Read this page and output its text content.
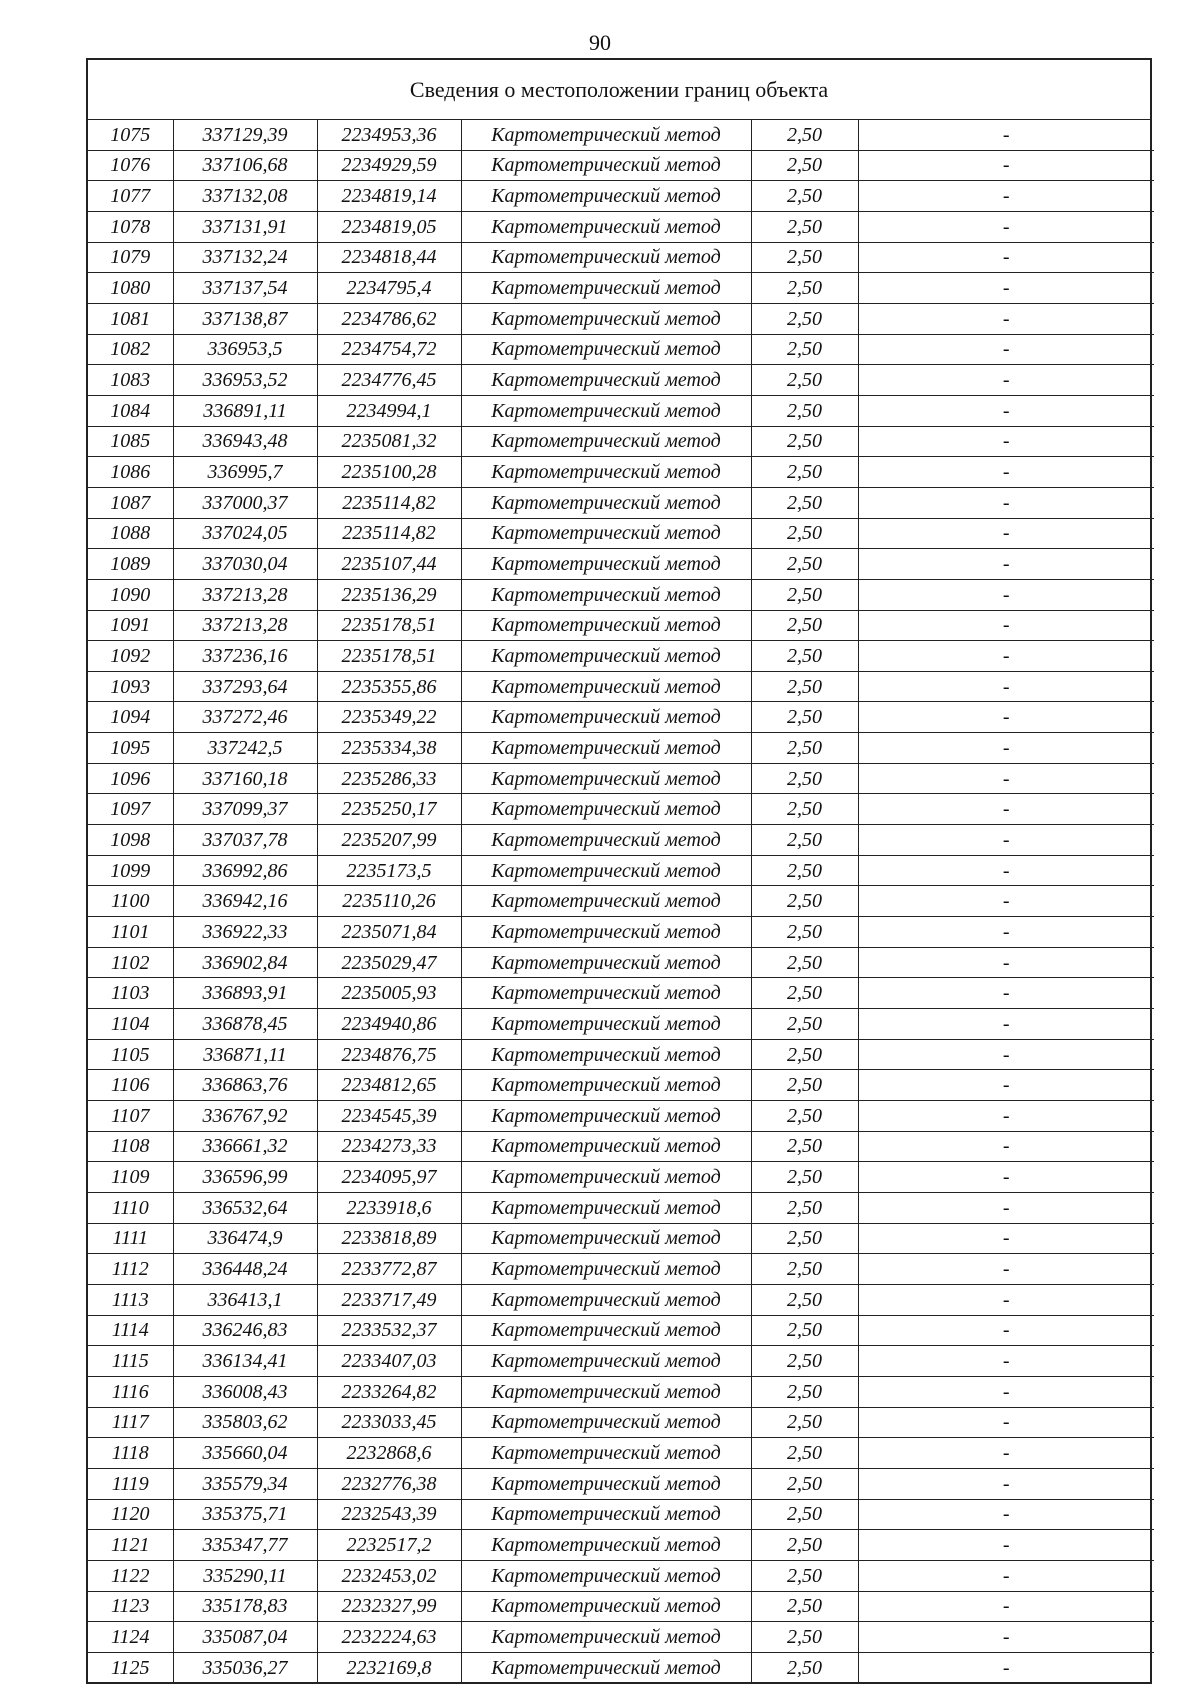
90
Сведения о местоположении границ объекта
1075	337129,39	2234953,36	Картометрический метод	2,50	-
1076	337106,68	2234929,59	Картометрический метод	2,50	-
1077	337132,08	2234819,14	Картометрический метод	2,50	-
1078	337131,91	2234819,05	Картометрический метод	2,50	-
1079	337132,24	2234818,44	Картометрический метод	2,50	-
1080	337137,54	2234795,4	Картометрический метод	2,50	-
1081	337138,87	2234786,62	Картометрический метод	2,50	-
1082	336953,5	2234754,72	Картометрический метод	2,50	-
1083	336953,52	2234776,45	Картометрический метод	2,50	-
1084	336891,11	2234994,1	Картометрический метод	2,50	-
1085	336943,48	2235081,32	Картометрический метод	2,50	-
1086	336995,7	2235100,28	Картометрический метод	2,50	-
1087	337000,37	2235114,82	Картометрический метод	2,50	-
1088	337024,05	2235114,82	Картометрический метод	2,50	-
1089	337030,04	2235107,44	Картометрический метод	2,50	-
1090	337213,28	2235136,29	Картометрический метод	2,50	-
1091	337213,28	2235178,51	Картометрический метод	2,50	-
1092	337236,16	2235178,51	Картометрический метод	2,50	-
1093	337293,64	2235355,86	Картометрический метод	2,50	-
1094	337272,46	2235349,22	Картометрический метод	2,50	-
1095	337242,5	2235334,38	Картометрический метод	2,50	-
1096	337160,18	2235286,33	Картометрический метод	2,50	-
1097	337099,37	2235250,17	Картометрический метод	2,50	-
1098	337037,78	2235207,99	Картометрический метод	2,50	-
1099	336992,86	2235173,5	Картометрический метод	2,50	-
1100	336942,16	2235110,26	Картометрический метод	2,50	-
1101	336922,33	2235071,84	Картометрический метод	2,50	-
1102	336902,84	2235029,47	Картометрический метод	2,50	-
1103	336893,91	2235005,93	Картометрический метод	2,50	-
1104	336878,45	2234940,86	Картометрический метод	2,50	-
1105	336871,11	2234876,75	Картометрический метод	2,50	-
1106	336863,76	2234812,65	Картометрический метод	2,50	-
1107	336767,92	2234545,39	Картометрический метод	2,50	-
1108	336661,32	2234273,33	Картометрический метод	2,50	-
1109	336596,99	2234095,97	Картометрический метод	2,50	-
1110	336532,64	2233918,6	Картометрический метод	2,50	-
1111	336474,9	2233818,89	Картометрический метод	2,50	-
1112	336448,24	2233772,87	Картометрический метод	2,50	-
1113	336413,1	2233717,49	Картометрический метод	2,50	-
1114	336246,83	2233532,37	Картометрический метод	2,50	-
1115	336134,41	2233407,03	Картометрический метод	2,50	-
1116	336008,43	2233264,82	Картометрический метод	2,50	-
1117	335803,62	2233033,45	Картометрический метод	2,50	-
1118	335660,04	2232868,6	Картометрический метод	2,50	-
1119	335579,34	2232776,38	Картометрический метод	2,50	-
1120	335375,71	2232543,39	Картометрический метод	2,50	-
1121	335347,77	2232517,2	Картометрический метод	2,50	-
1122	335290,11	2232453,02	Картометрический метод	2,50	-
1123	335178,83	2232327,99	Картометрический метод	2,50	-
1124	335087,04	2232224,63	Картометрический метод	2,50	-
1125	335036,27	2232169,8	Картометрический метод	2,50	-
